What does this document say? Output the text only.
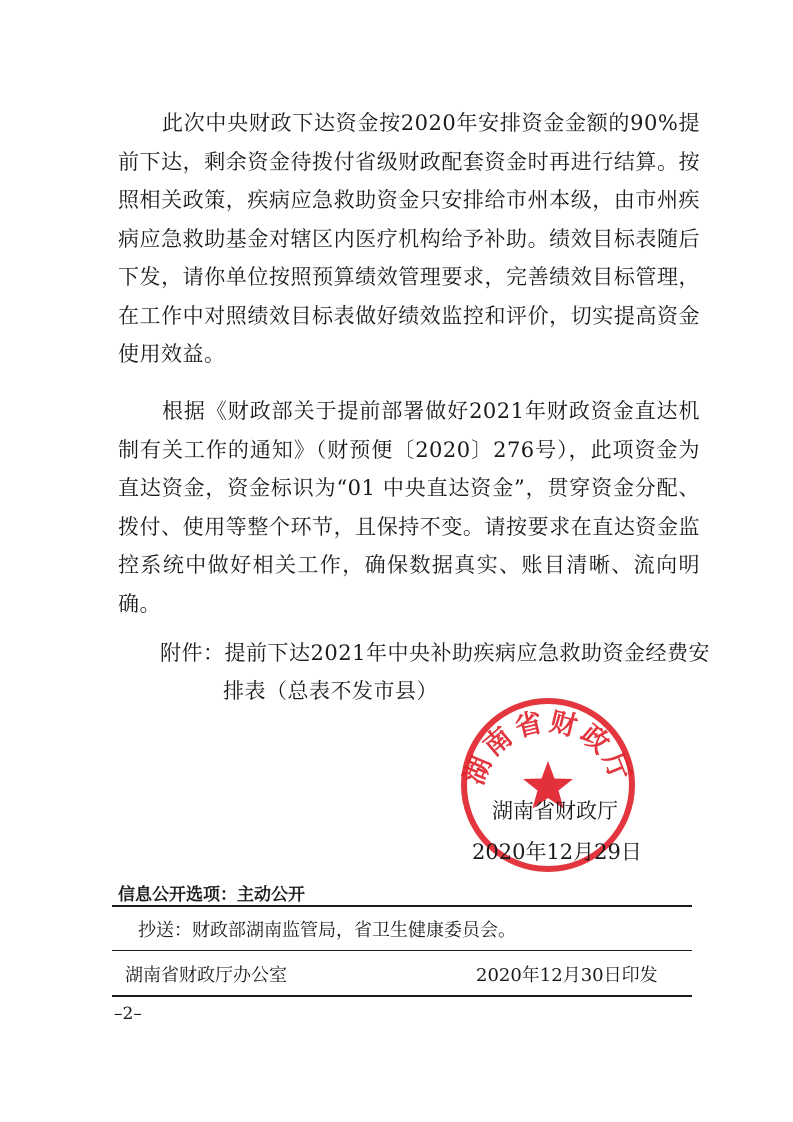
此次中央财政下达资金按2020年安排资金金额的90%提前下达，剩余资金待拨付省级财政配套资金时再进行结算。按照相关政策，疾病应急救助资金只安排给市州本级，由市州疾病应急救助基金对辖区内医疗机构给予补助。绩效目标表随后下发，请你单位按照预算绩效管理要求，完善绩效目标管理，在工作中对照绩效目标表做好绩效监控和评价，切实提高资金使用效益。

根据《财政部关于提前部署做好2021年财政资金直达机制有关工作的通知》（财预便〔2020〕276号），此项资金为直达资金，资金标识为“01 中央直达资金”，贯穿资金分配、拨付、使用等整个环节，且保持不变。请按要求在直达资金监控系统中做好相关工作，确保数据真实、账目清晰、流向明确。

附件：提前下达2021年中央补助疾病应急救助资金经费安

排表（总表不发市县）

湖南省财政厅
湖南省财政厅
2020年12月29日
信息公开选项：主动公开
抄送：财政部湖南监管局，省卫生健康委员会。
湖南省财政厅办公室	2020年12月30日印发
–2–
